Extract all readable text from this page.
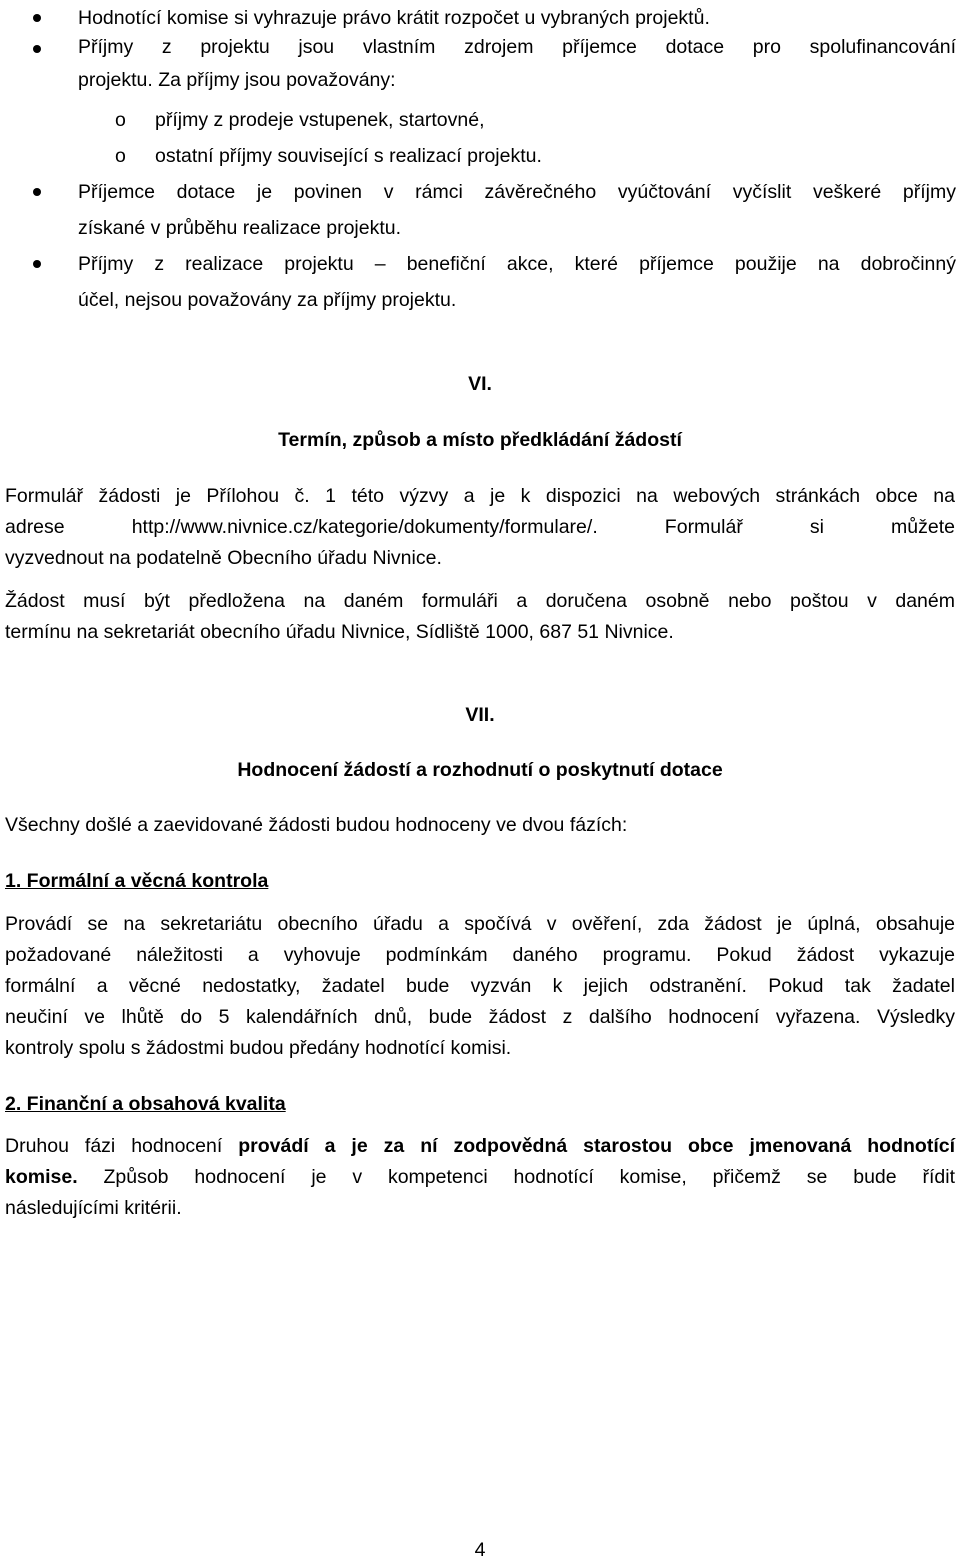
Hodnotící komise si vyhrazuje právo krátit rozpočet u vybraných projektů.
Příjmy z projektu jsou vlastním zdrojem příjemce dotace pro spolufinancování
projektu. Za příjmy jsou považovány:
o příjmy z prodeje vstupenek, startovné,
o ostatní příjmy související s realizací projektu.
Příjemce dotace je povinen v rámci závěrečného vyúčtování vyčíslit veškeré příjmy
získané v průběhu realizace projektu.
Příjmy z realizace projektu – benefiční akce, které příjemce použije na dobročinný
účel, nejsou považovány za příjmy projektu.
VI.
Termín, způsob a místo předkládání žádostí
Formulář žádosti je Přílohou č. 1 této výzvy a je k dispozici na webových stránkách obce na
adrese http://www.nivnice.cz/kategorie/dokumenty/formulare/. Formulář si můžete
vyzvednout na podatelně Obecního úřadu Nivnice.
Žádost musí být předložena na daném formuláři a doručena osobně nebo poštou v daném
termínu na sekretariát obecního úřadu Nivnice, Sídliště 1000, 687 51 Nivnice.
VII.
Hodnocení žádostí a rozhodnutí o poskytnutí dotace
Všechny došlé a zaevidované žádosti budou hodnoceny ve dvou fázích:
1. Formální a věcná kontrola
Provádí se na sekretariátu obecního úřadu a spočívá v ověření, zda žádost je úplná, obsahuje
požadované náležitosti a vyhovuje podmínkám daného programu. Pokud žádost vykazuje
formální a věcné nedostatky, žadatel bude vyzván k jejich odstranění. Pokud tak žadatel
neučiní ve lhůtě do 5 kalendářních dnů, bude žádost z dalšího hodnocení vyřazena. Výsledky
kontroly spolu s žádostmi budou předány hodnotící komisi.
2. Finanční a obsahová kvalita
Druhou fázi hodnocení provádí a je za ní zodpovědná starostou obce jmenovaná hodnotící
komise. Způsob hodnocení je v kompetenci hodnotící komise, přičemž se bude řídit
následujícími kritérii.
4
